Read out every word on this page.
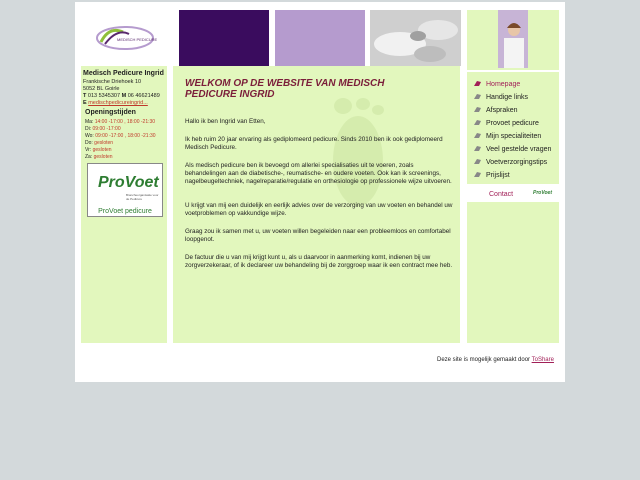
MEDISCH PEDICURE
Medisch Pedicure Ingrid
Frankische Driehoek 10
5052 BL Goirle
T 013 5345307 M 06 46621489
E medischpedicureingrid...
Openingstijden
Ma: 14:00 -17:00 , 18:00 -21:30
Di: 09:00 -17:00
Wo: 09:00 -17:00 , 18:00 -21:30
Do: gesloten
Vr: gesloten
Za: gesloten
ProVoet
Brancheorganisatie voor de Pedicure
ProVoet pedicure
WELKOM OP DE WEBSITE VAN MEDISCH PEDICURE INGRID
Hallo ik ben Ingrid van Etten,
Ik heb ruim 20 jaar ervaring als gediplomeerd pedicure. Sinds 2010 ben ik ook gediplomeerd Medisch Pedicure.
Als medisch pedicure ben ik bevoegd om allerlei specialisaties uit te voeren, zoals behandelingen aan de diabetische-, reumatische- en oudere voeten. Ook kan ik screenings, nagelbeugeltechniek, nagelreparatie/regulatie en orthesiologie op professionele wijze uitvoeren.
U krijgt van mij een duidelijk en eerlijk advies over de verzorging van uw voeten en behandel uw voetproblemen op vakkundige wijze.
Graag zou ik samen met u, uw voeten willen begeleiden naar een probleemloos en comfortabel loopgenot.
De factuur die u van mij krijgt kunt u, als u daarvoor in aanmerking komt, indienen bij uw zorgverzekeraar, of ik declareer uw behandeling bij de zorggroep waar ik een contract mee heb.
Homepage
Handige links
Afspraken
Provoet pedicure
Mijn specialiteiten
Veel gestelde vragen
Voetverzorgingstips
Prijslijst
Contact	ProVoet
Deze site is mogelijk gemaakt door ToShare
